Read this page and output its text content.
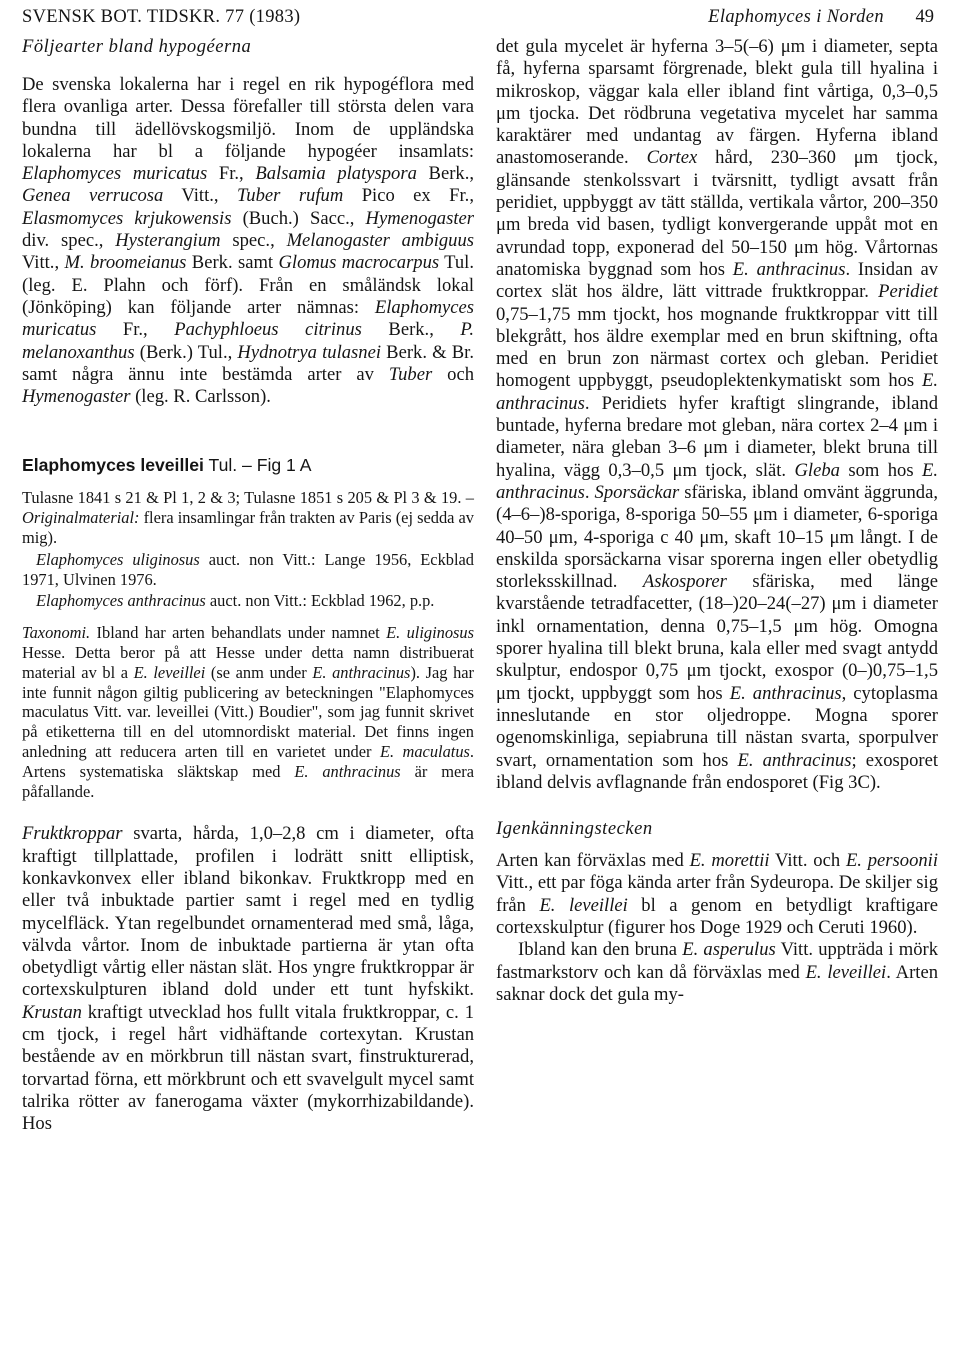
SVENSK BOT. TIDSKR. 77 (1983)	Elaphomyces i Norden 49

Följearter bland hypogéerna

De svenska lokalerna har i regel en rik hypogéflora med flera ovanliga arter. Dessa förefaller till största delen vara bundna till ädellövskogsmiljö. Inom de uppländska lokalerna har bl a följande hypogéer insamlats: Elaphomyces muricatus Fr., Balsamia platyspora Berk., Genea verrucosa Vitt., Tuber rufum Pico ex Fr., Elasmomyces krjukowensis (Buch.) Sacc., Hymenogaster div. spec., Hysterangium spec., Melanogaster ambiguus Vitt., M. broomeianus Berk. samt Glomus macrocarpus Tul. (leg. E. Plahn och förf). Från en småländsk lokal (Jönköping) kan följande arter nämnas: Elaphomyces muricatus Fr., Pachyphloeus citrinus Berk., P. melanoxanthus (Berk.) Tul., Hydnotrya tulasnei Berk. & Br. samt några ännu inte bestämda arter av Tuber och Hymenogaster (leg. R. Carlsson).

Elaphomyces leveillei Tul. – Fig 1 A

Tulasne 1841 s 21 & Pl 1, 2 & 3; Tulasne 1851 s 205 & Pl 3 & 19. – Originalmaterial: flera insamlingar från trakten av Paris (ej sedda av mig).

Elaphomyces uliginosus auct. non Vitt.: Lange 1956, Eckblad 1971, Ulvinen 1976.

Elaphomyces anthracinus auct. non Vitt.: Eckblad 1962, p.p.

Taxonomi. Ibland har arten behandlats under namnet E. uliginosus Hesse. Detta beror på att Hesse under detta namn distribuerat material av bl a E. leveillei (se anm under E. anthracinus). Jag har inte funnit någon giltig publicering av beteckningen "Elaphomyces maculatus Vitt. var. leveillei (Vitt.) Boudier", som jag funnit skrivet på etiketterna till en del utomnordiskt material. Det finns ingen anledning att reducera arten till en varietet under E. maculatus. Artens systematiska släktskap med E. anthracinus är mera påfallande.

Fruktkroppar svarta, hårda, 1,0–2,8 cm i diameter, ofta kraftigt tillplattade, profilen i lodrätt snitt elliptisk, konkavkonvex eller ibland bikonkav. Fruktkropp med en eller två inbuktade partier samt i regel med en tydlig mycelfläck. Ytan regelbundet ornamenterad med små, låga, välvda vårtor. Inom de inbuktade partierna är ytan ofta obetydligt vårtig eller nästan slät. Hos yngre fruktkroppar är cortexskulpturen ibland dold under ett tunt hyfskikt. Krustan kraftigt utvecklad hos fullt vitala fruktkroppar, c. 1 cm tjock, i regel hårt vidhäftande cortexytan. Krustan bestående av en mörkbrun till nästan svart, finstrukturerad, torvartad förna, ett mörkbrunt och ett svavelgult mycel samt talrika rötter av fanerogama växter (mykorrhizabildande). Hos

det gula mycelet är hyferna 3–5(–6) μm i diameter, septa få, hyferna sparsamt förgrenade, blekt gula till hyalina i mikroskop, väggar kala eller ibland fint vårtiga, 0,3–0,5 μm tjocka. Det rödbruna vegetativa mycelet har samma karaktärer med undantag av färgen. Hyferna ibland anastomoserande. Cortex hård, 230–360 μm tjock, glänsande stenkolssvart i tvärsnitt, tydligt avsatt från peridiet, uppbyggt av tätt ställda, vertikala vårtor, 200–350 μm breda vid basen, tydligt konvergerande uppåt mot en avrundad topp, exponerad del 50–150 μm hög. Vårtornas anatomiska byggnad som hos E. anthracinus. Insidan av cortex slät hos äldre, lätt vittrade fruktkroppar. Peridiet 0,75–1,75 mm tjockt, hos mognande fruktkroppar vitt till blekgrått, hos äldre exemplar med en brun skiftning, ofta med en brun zon närmast cortex och gleban. Peridiet homogent uppbyggt, pseudoplektenkymatiskt som hos E. anthracinus. Peridiets hyfer kraftigt slingrande, ibland buntade, hyferna bredare mot gleban, nära cortex 2–4 μm i diameter, nära gleban 3–6 μm i diameter, blekt bruna till hyalina, vägg 0,3–0,5 μm tjock, slät. Gleba som hos E. anthracinus. Sporsäckar sfäriska, ibland omvänt äggrunda, (4–6–)8-sporiga, 8-sporiga 50–55 μm i diameter, 6-sporiga 40–50 μm, 4-sporiga c 40 μm, skaft 10–15 μm långt. I de enskilda sporsäckarna visar sporerna ingen eller obetydlig storleksskillnad. Askosporer sfäriska, med länge kvarstående tetradfacetter, (18–)20–24(–27) μm i diameter inkl ornamentation, denna 0,75–1,5 μm hög. Omogna sporer hyalina till blekt bruna, kala eller med svagt antydd skulptur, endospor 0,75 μm tjockt, exospor (0–)0,75–1,5 μm tjockt, uppbyggt som hos E. anthracinus, cytoplasma inneslutande en stor oljedroppe. Mogna sporer ogenomskinliga, sepiabruna till nästan svarta, sporpulver svart, ornamentation som hos E. anthracinus; exosporet ibland delvis avflagnande från endosporet (Fig 3C).

Igenkänningstecken

Arten kan förväxlas med E. morettii Vitt. och E. persoonii Vitt., ett par föga kända arter från Sydeuropa. De skiljer sig från E. leveillei bl a genom en betydligt kraftigare cortexskulptur (figurer hos Doge 1929 och Ceruti 1960).

Ibland kan den bruna E. asperulus Vitt. uppträda i mörk fastmarkstorv och kan då förväxlas med E. leveillei. Arten saknar dock det gula my-
